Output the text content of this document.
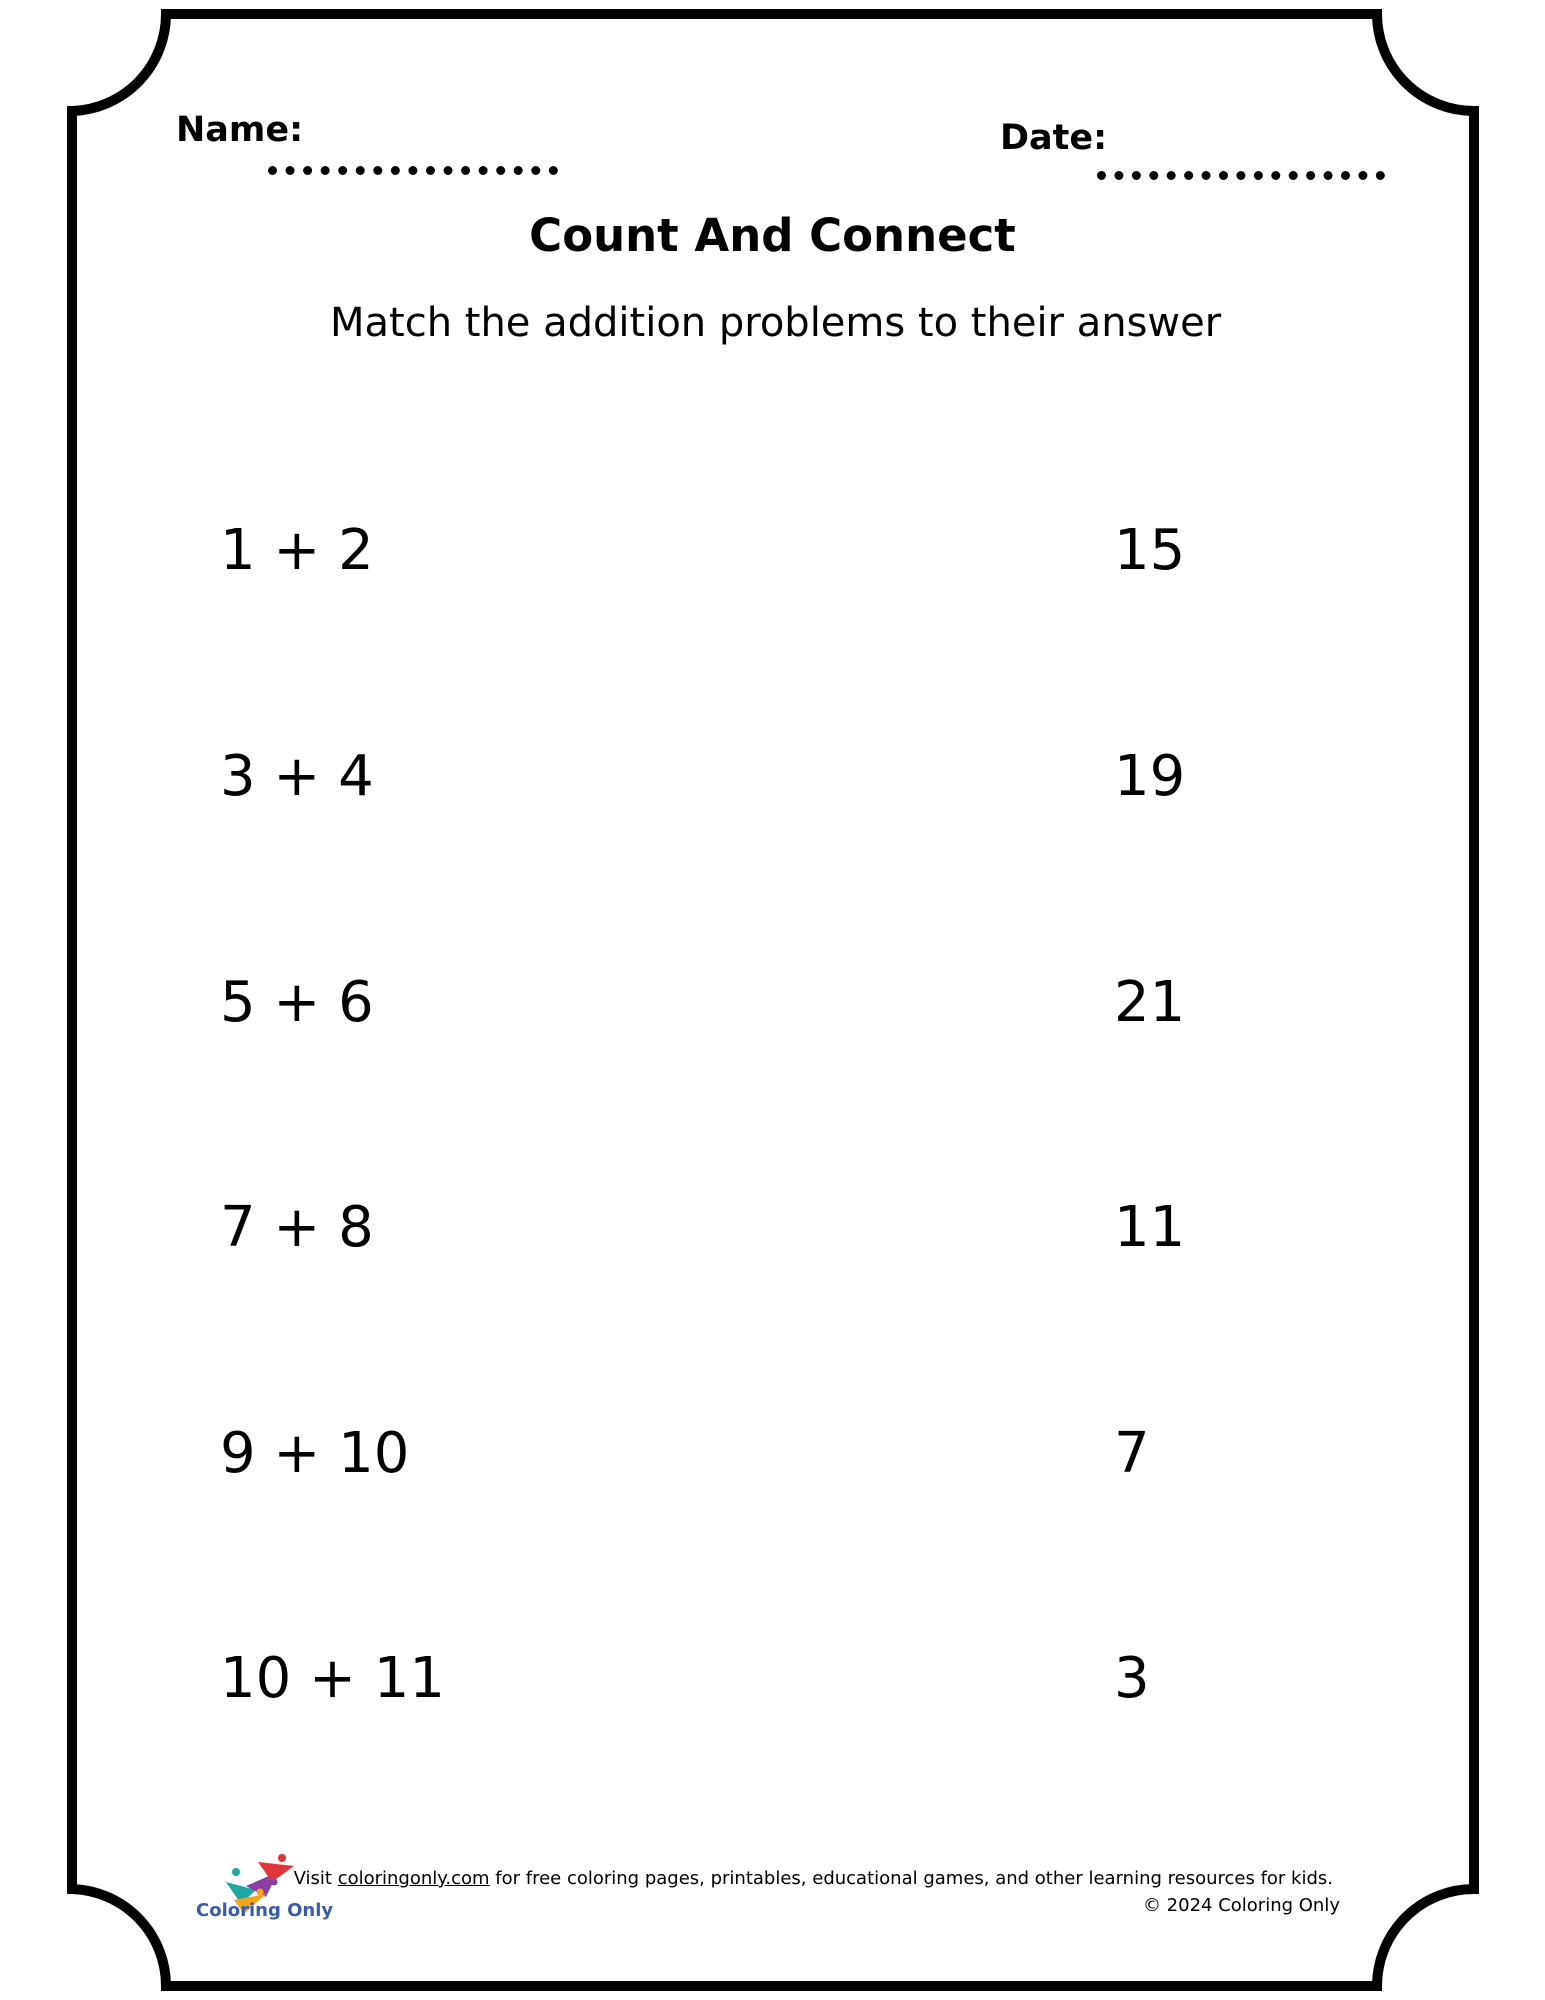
Name:	Date:
Count And Connect
Match the addition problems to their answer
1 + 2
3 + 4
5 + 6
7 + 8
9 + 10
10 + 11
15
19
21
11
7
3
Coloring Only
Visit coloringonly.com for free coloring pages, printables, educational games, and other learning resources for kids.
© 2024 Coloring Only
